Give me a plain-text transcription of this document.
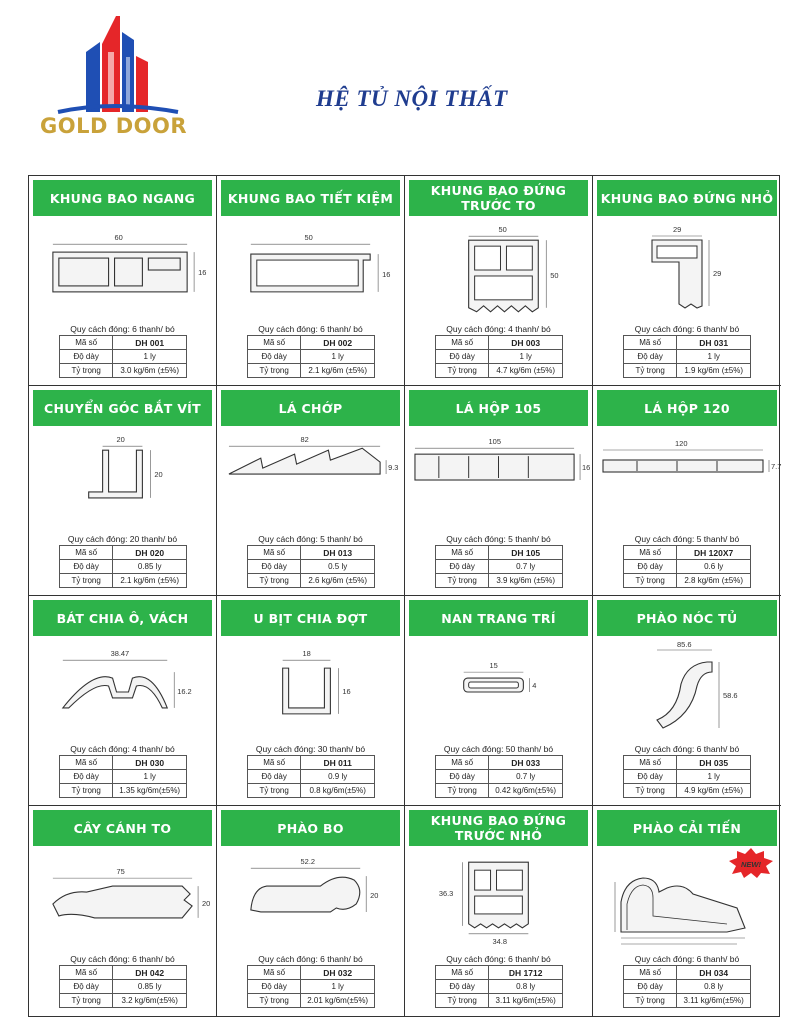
GOLD DOOR
HỆ TỦ NỘI THẤT
KHUNG BAO NGANG
60
16
Quy cách đóng: 6 thanh/ bó
Mã số	DH 001
Độ dày	1 ly
Tỷ trọng	3.0 kg/6m (±5%)
KHUNG BAO TIẾT KIỆM
50
16
Quy cách đóng: 6 thanh/ bó
Mã số	DH 002
Độ dày	1 ly
Tỷ trọng	2.1 kg/6m (±5%)
KHUNG BAO ĐỨNG TRƯỚC TO
50
50
Quy cách đóng: 4 thanh/ bó
Mã số	DH 003
Độ dày	1 ly
Tỷ trọng	4.7 kg/6m (±5%)
KHUNG BAO ĐỨNG NHỎ
29
29
Quy cách đóng: 6 thanh/ bó
Mã số	DH 031
Độ dày	1 ly
Tỷ trọng	1.9 kg/6m (±5%)
CHUYỂN GÓC BẮT VÍT
20
20
Quy cách đóng: 20 thanh/ bó
Mã số	DH 020
Độ dày	0.85 ly
Tỷ trọng	2.1 kg/6m (±5%)
LÁ CHỚP
82
9.3
Quy cách đóng: 5 thanh/ bó
Mã số	DH 013
Độ dày	0.5 ly
Tỷ trọng	2.6 kg/6m (±5%)
LÁ HỘP 105
105
16
Quy cách đóng: 5 thanh/ bó
Mã số	DH 105
Độ dày	0.7 ly
Tỷ trọng	3.9 kg/6m (±5%)
LÁ HỘP 120
120
7.7
Quy cách đóng: 5 thanh/ bó
Mã số	DH 120X7
Độ dày	0.6 ly
Tỷ trọng	2.8 kg/6m (±5%)
BÁT CHIA Ô, VÁCH
38.47
16.2
Quy cách đóng: 4 thanh/ bó
Mã số	DH 030
Độ dày	1 ly
Tỷ trọng	1.35 kg/6m(±5%)
U BỊT CHIA ĐỢT
18
16
Quy cách đóng: 30 thanh/ bó
Mã số	DH 011
Độ dày	0.9 ly
Tỷ trọng	0.8 kg/6m(±5%)
NAN TRANG TRÍ
15
4
Quy cách đóng: 50 thanh/ bó
Mã số	DH 033
Độ dày	0.7 ly
Tỷ trọng	0.42 kg/6m(±5%)
PHÀO NÓC TỦ
85.6
58.6
Quy cách đóng: 6 thanh/ bó
Mã số	DH 035
Độ dày	1 ly
Tỷ trọng	4.9 kg/6m (±5%)
CÂY CÁNH TO
75
20
Quy cách đóng: 6 thanh/ bó
Mã số	DH 042
Độ dày	0.85 ly
Tỷ trọng	3.2 kg/6m(±5%)
PHÀO BO
52.2
20
Quy cách đóng: 6 thanh/ bó
Mã số	DH 032
Độ dày	1 ly
Tỷ trọng	2.01 kg/6m(±5%)
KHUNG BAO ĐỨNG TRƯỚC NHỎ
36.3
34.8
Quy cách đóng: 6 thanh/ bó
Mã số	DH 1712
Độ dày	0.8 ly
Tỷ trọng	3.11 kg/6m(±5%)
PHÀO CẢI TIẾN
Quy cách đóng: 6 thanh/ bó
Mã số	DH 034
Độ dày	0.8 ly
Tỷ trọng	3.11 kg/6m(±5%)
NEW!
